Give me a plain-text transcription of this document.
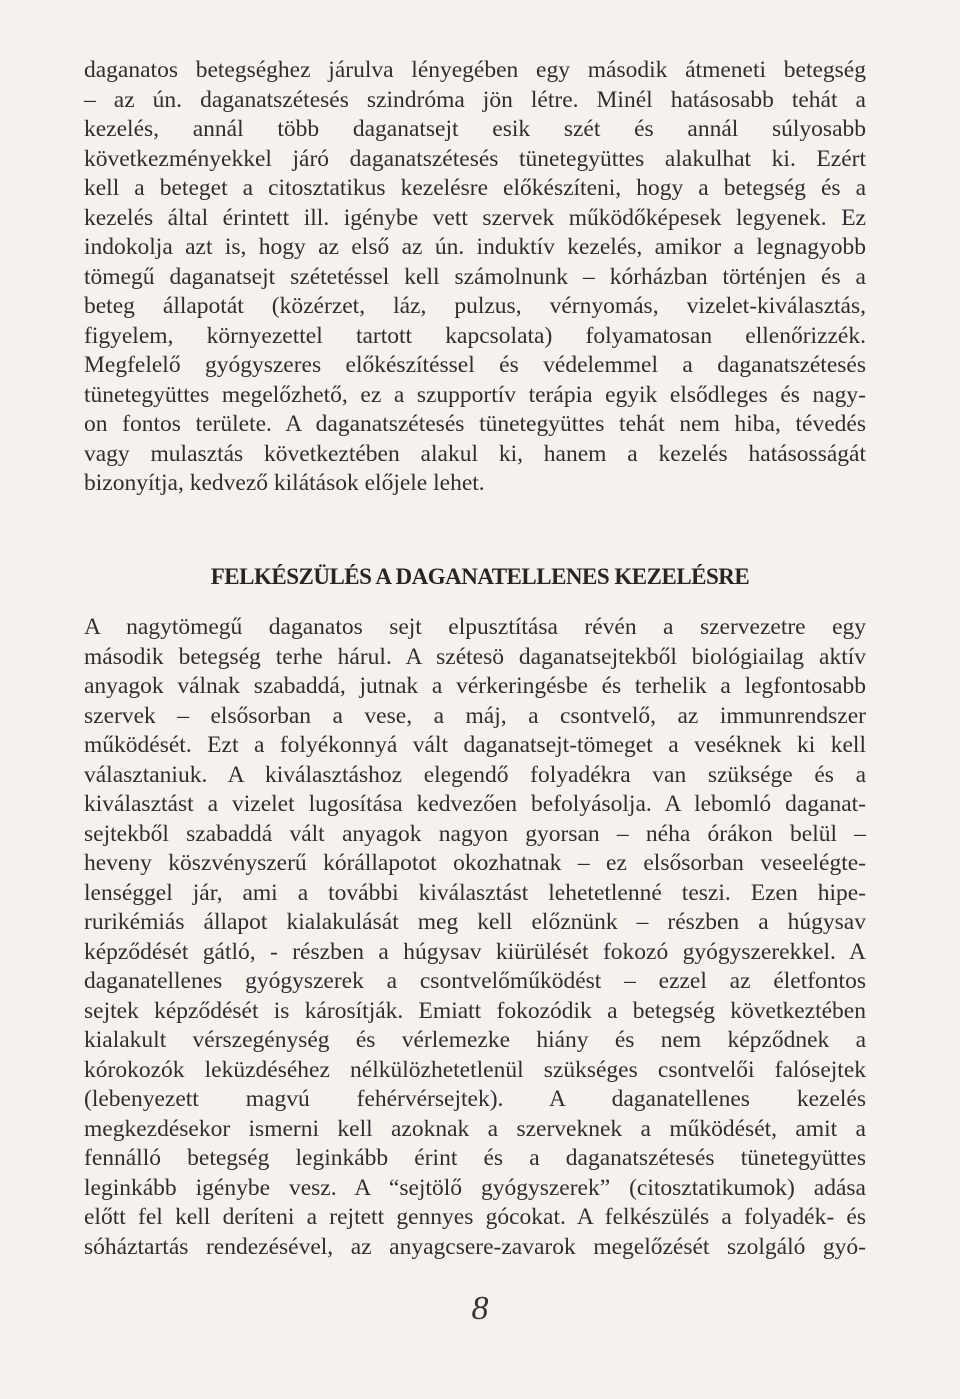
daganatos betegséghez járulva lényegében egy második átmeneti betegség
– az ún. daganatszétesés szindróma jön létre. Minél hatásosabb tehát a
kezelés, annál több daganatsejt esik szét és annál súlyosabb
következményekkel járó daganatszétesés tünetegyüttes alakulhat ki. Ezért
kell a beteget a citosztatikus kezelésre előkészíteni, hogy a betegség és a
kezelés által érintett ill. igénybe vett szervek működőképesek legyenek. Ez
indokolja azt is, hogy az első az ún. induktív kezelés, amikor a legnagyobb
tömegű daganatsejt szétetéssel kell számolnunk – kórházban történjen és a
beteg állapotát (közérzet, láz, pulzus, vérnyomás, vizelet-kiválasztás,
figyelem, környezettel tartott kapcsolata) folyamatosan ellenőrizzék.
Megfelelő gyógyszeres előkészítéssel és védelemmel a daganatszétesés
tünetegyüttes megelőzhető, ez a szupportív terápia egyik elsődleges és nagy-
on fontos területe. A daganatszétesés tünetegyüttes tehát nem hiba, tévedés
vagy mulasztás következtében alakul ki, hanem a kezelés hatásosságát
bizonyítja, kedvező kilátások előjele lehet.
FELKÉSZÜLÉS A DAGANATELLENES KEZELÉSRE
A nagytömegű daganatos sejt elpusztítása révén a szervezetre egy
második betegség terhe hárul. A szétesö daganatsejtekből biológiailag aktív
anyagok válnak szabaddá, jutnak a vérkeringésbe és terhelik a legfontosabb
szervek – elsősorban a vese, a máj, a csontvelő, az immunrendszer
működését. Ezt a folyékonnyá vált daganatsejt-tömeget a veséknek ki kell
választaniuk. A kiválasztáshoz elegendő folyadékra van szüksége és a
kiválasztást a vizelet lugosítása kedvezően befolyásolja. A lebomló daganat-
sejtekből szabaddá vált anyagok nagyon gyorsan – néha órákon belül –
heveny köszvényszerű kórállapotot okozhatnak – ez elsősorban veseelégte-
lenséggel jár, ami a további kiválasztást lehetetlenné teszi. Ezen hipe-
rurikémiás állapot kialakulását meg kell előznünk – részben a húgysav
képződését gátló, - részben a húgysav kiürülését fokozó gyógyszerekkel. A
daganatellenes gyógyszerek a csontvelőműködést – ezzel az életfontos
sejtek képződését is károsítják. Emiatt fokozódik a betegség következtében
kialakult vérszegénység és vérlemezke hiány és nem képződnek a
kórokozók leküzdéséhez nélkülözhetetlenül szükséges csontvelői falósejtek
(lebenyezett magvú fehérvérsejtek). A daganatellenes kezelés
megkezdésekor ismerni kell azoknak a szerveknek a működését, amit a
fennálló betegség leginkább érint és a daganatszétesés tünetegyüttes
leginkább igénybe vesz. A “sejtölő gyógyszerek” (citosztatikumok) adása
előtt fel kell deríteni a rejtett gennyes gócokat. A felkészülés a folyadék- és
sóháztartás rendezésével, az anyagcsere-zavarok megelőzését szolgáló gyó-
8
